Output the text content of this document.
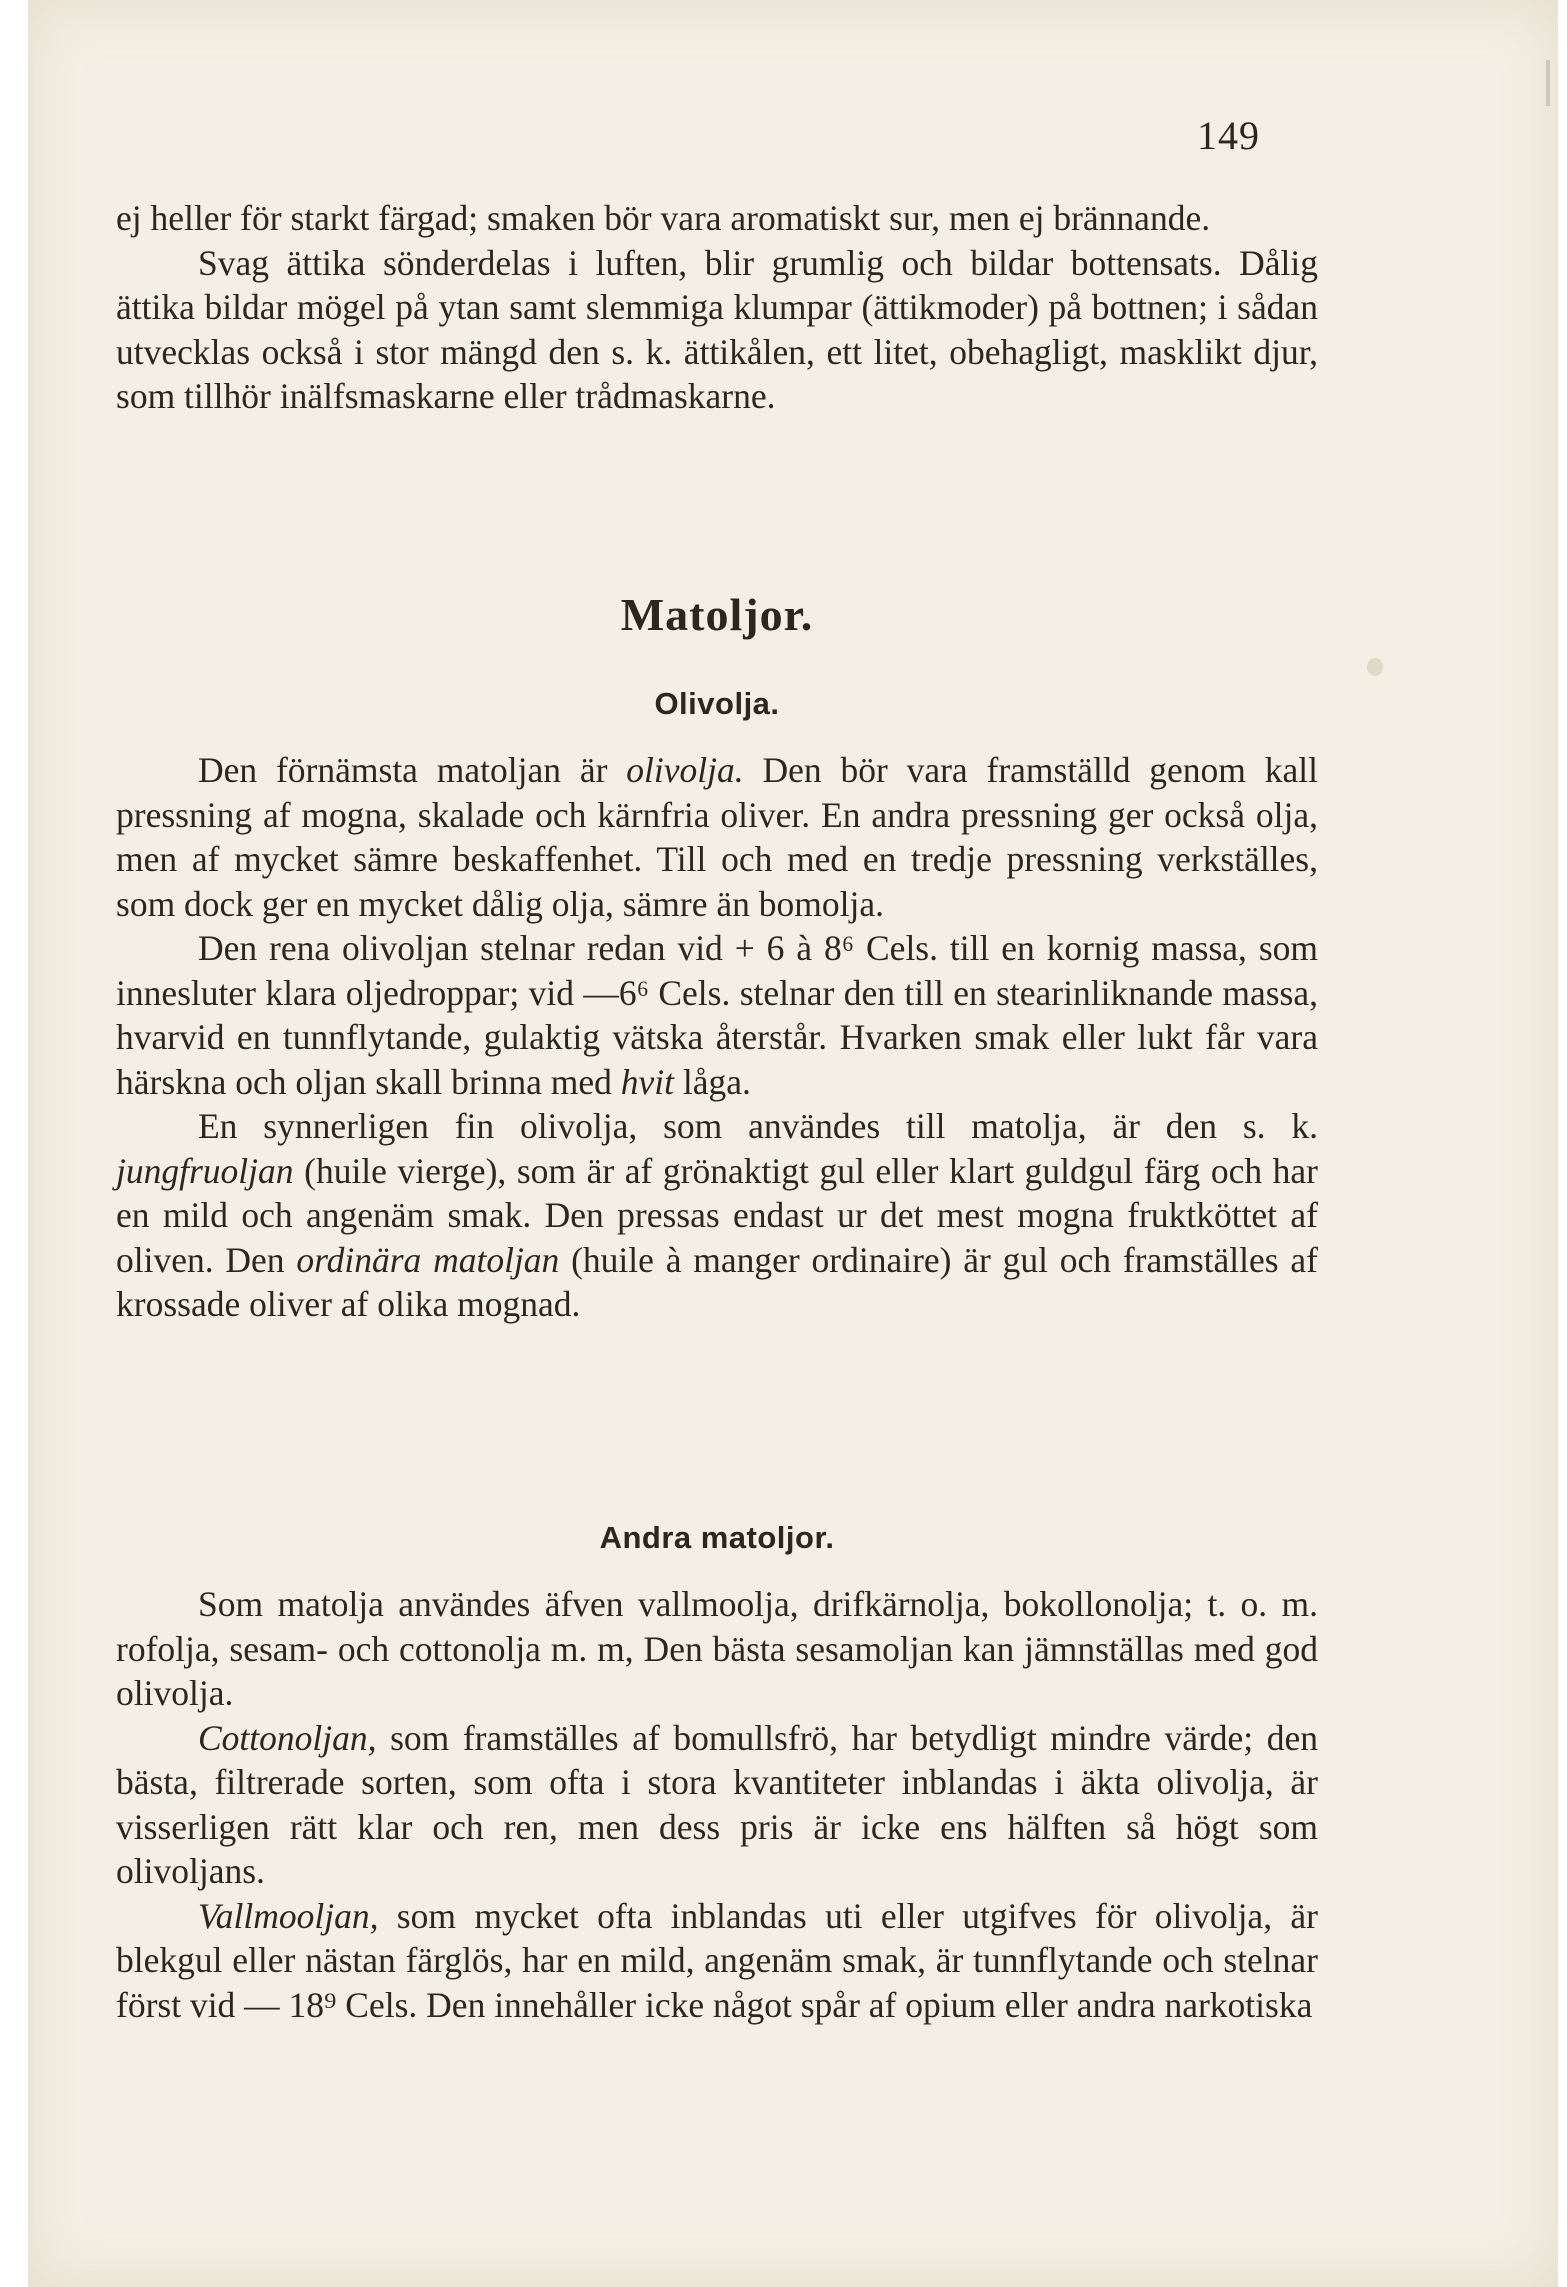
149

ej heller för starkt färgad; smaken bör vara aromatiskt sur, men ej brännande.

Svag ättika sönderdelas i luften, blir grumlig och bildar bottensats. Dålig ättika bildar mögel på ytan samt slemmiga klumpar (ättikmoder) på bottnen; i sådan utvecklas också i stor mängd den s. k. ättikålen, ett litet, obehagligt, masklikt djur, som tillhör inälfsmaskarne eller trådmaskarne.

Matoljor.
Olivolja.

Den förnämsta matoljan är olivolja. Den bör vara framställd genom kall pressning af mogna, skalade och kärnfria oliver. En andra pressning ger också olja, men af mycket sämre beskaffenhet. Till och med en tredje pressning verkställes, som dock ger en mycket dålig olja, sämre än bomolja.

Den rena olivoljan stelnar redan vid + 6 à 8⁶ Cels. till en kornig massa, som innesluter klara oljedroppar; vid —6⁶ Cels. stelnar den till en stearinliknande massa, hvarvid en tunnflytande, gulaktig vätska återstår. Hvarken smak eller lukt får vara härskna och oljan skall brinna med hvit låga.

En synnerligen fin olivolja, som användes till matolja, är den s. k. jungfruoljan (huile vierge), som är af grönaktigt gul eller klart guldgul färg och har en mild och angenäm smak. Den pressas endast ur det mest mogna fruktköttet af oliven. Den ordinära matoljan (huile à manger ordinaire) är gul och framställes af krossade oliver af olika mognad.

Andra matoljor.

Som matolja användes äfven vallmoolja, drifkärnolja, bokollonolja; t. o. m. rofolja, sesam- och cottonolja m. m, Den bästa sesamoljan kan jämnställas med god olivolja.

Cottonoljan, som framställes af bomullsfrö, har betydligt mindre värde; den bästa, filtrerade sorten, som ofta i stora kvantiteter inblandas i äkta olivolja, är visserligen rätt klar och ren, men dess pris är icke ens hälften så högt som olivoljans.

Vallmooljan, som mycket ofta inblandas uti eller utgifves för olivolja, är blekgul eller nästan färglös, har en mild, angenäm smak, är tunnflytande och stelnar först vid — 18⁹ Cels. Den innehåller icke något spår af opium eller andra narkotiska
